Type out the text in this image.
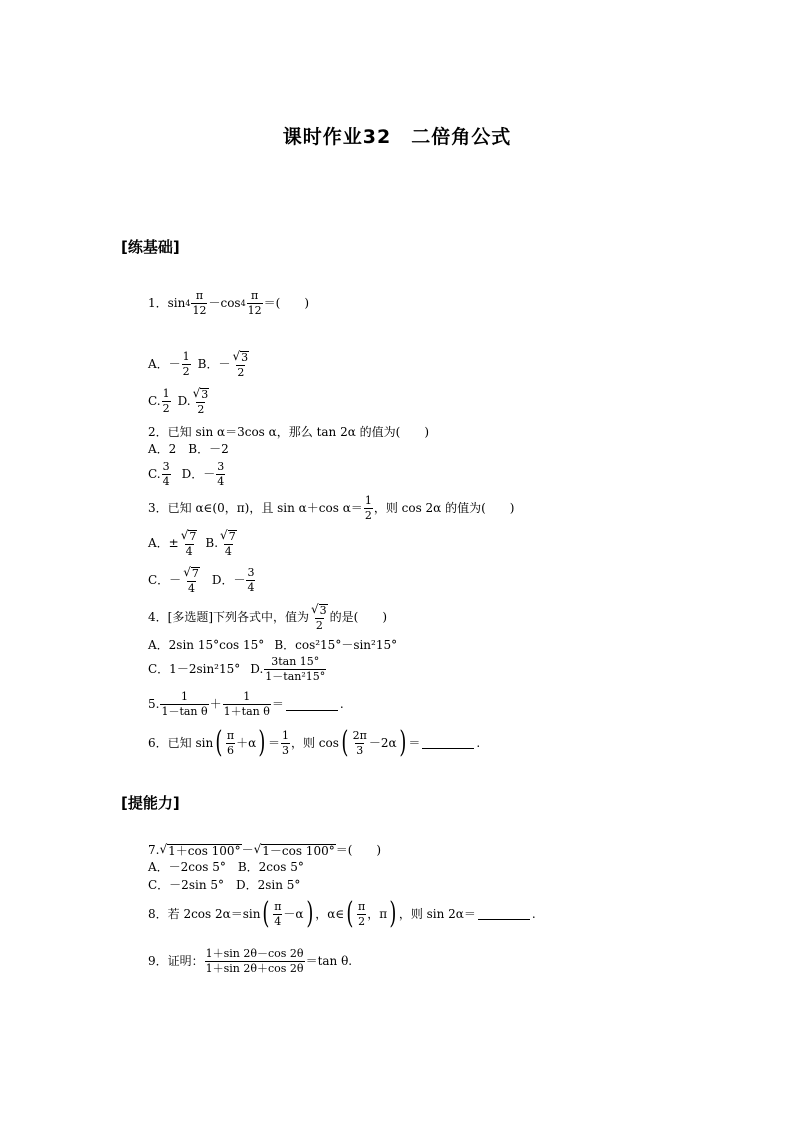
课时作业32　二倍角公式
[练基础]
1． $\sin 4 \frac{\pi}{12} -\cos$ $4 \frac{\pi}{12}$ ＝(　　)
A．－ $\frac{1}{2}$ B．－ $\frac{√ 3}{2}$
C. $\frac{1}{2} D$. $\frac{√ 3}{2}$
2．已知 sin α＝3cos α，那么 tan 2α 的值为(　　)
A．2　B．－2
C. $\frac{3}{4}$ D．－ $\frac{3}{4}$
3．已知 α∈(0，π)，且 sin α＋cos $\alpha= \frac{1}{2}$ ，则 cos 2α 的值为(　　)
A．± $\frac{√ 7}{4} B$. $\frac{√ 7}{4}$
C．－ $\frac{√ 7}{4}$ D．－ $\frac{3}{4}$
4．[多选题]下列各式中，值为 $\frac{√ 3}{2}$ 的是(　　)
A．2sin 15°cos 15° B．cos²15°－sin²15°
C．1－2sin²15° D. $\frac{3\tan 15^\circ}{\text{1－tan²15°}}$
5. $\frac{1}{\text{1－tan θ}} + \frac{1}{\text{1＋tan θ}}$ ＝	.
6．已知 sin ( $\frac{\pi}{6} +\alpha$ ) ＝ $\frac{1}{3}$ ，则 cos ( $\frac{2\pi}{3} -2\alpha$ ) ＝	.
[提能力]
7. √ 1＋cos 100° － √ 1－cos 100° ＝(　　)
A．－2cos 5°　B．2cos 5°
C．－2sin 5°　D．2sin 5°
8．若 2cos 2α＝sin ( $\frac{\pi}{4} -\alpha$ ) ，α∈ ( $\frac{\pi}{2}$ ，π ) ，则 sin 2α＝	.
9．证明： $\frac{1+\sin 2\theta-\cos 2\theta}{1+\sin 2\theta+\cos 2\theta} =\tan$ θ.
